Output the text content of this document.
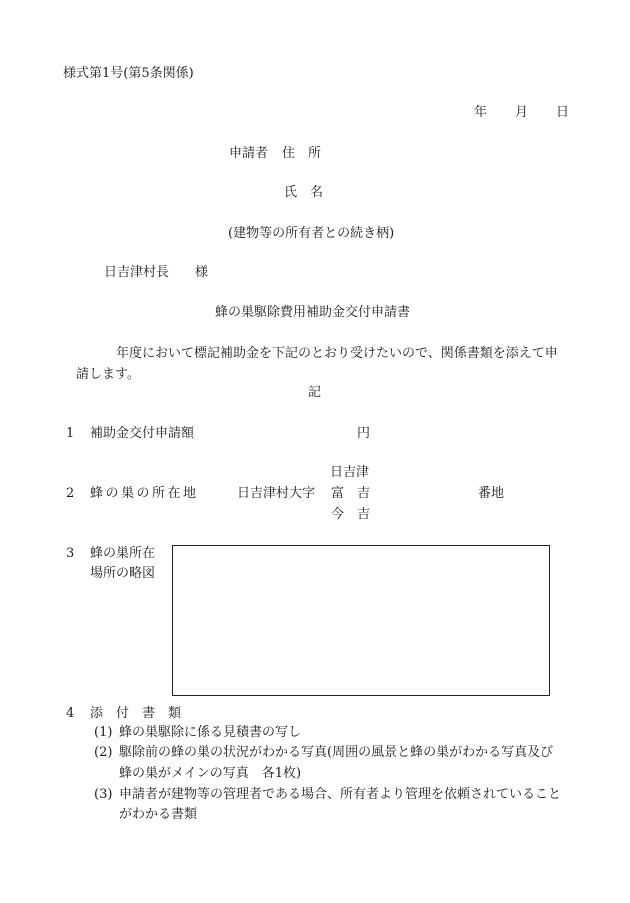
様式第1号(第5条関係)
年 月 日
申請者 住　所
氏　名
(建物等の所有者との続き柄)
日吉津村長 様
蜂の巣駆除費用補助金交付申請書
年度において標記補助金を下記のとおり受けたいので、関係書類を添えて申
請します。
記
1 補助金交付申請額	円
日吉津
2 蜂の巣の所在地	日吉津村大字 富　吉	番地
今　吉
3 蜂の巣所在
場所の略図
4 添　付　書　類
(1) 蜂の巣駆除に係る見積書の写し
(2) 駆除前の蜂の巣の状況がわかる写真(周囲の風景と蜂の巣がわかる写真及び
蜂の巣がメインの写真　各1枚)
(3) 申請者が建物等の管理者である場合、所有者より管理を依頼されていること
がわかる書類
